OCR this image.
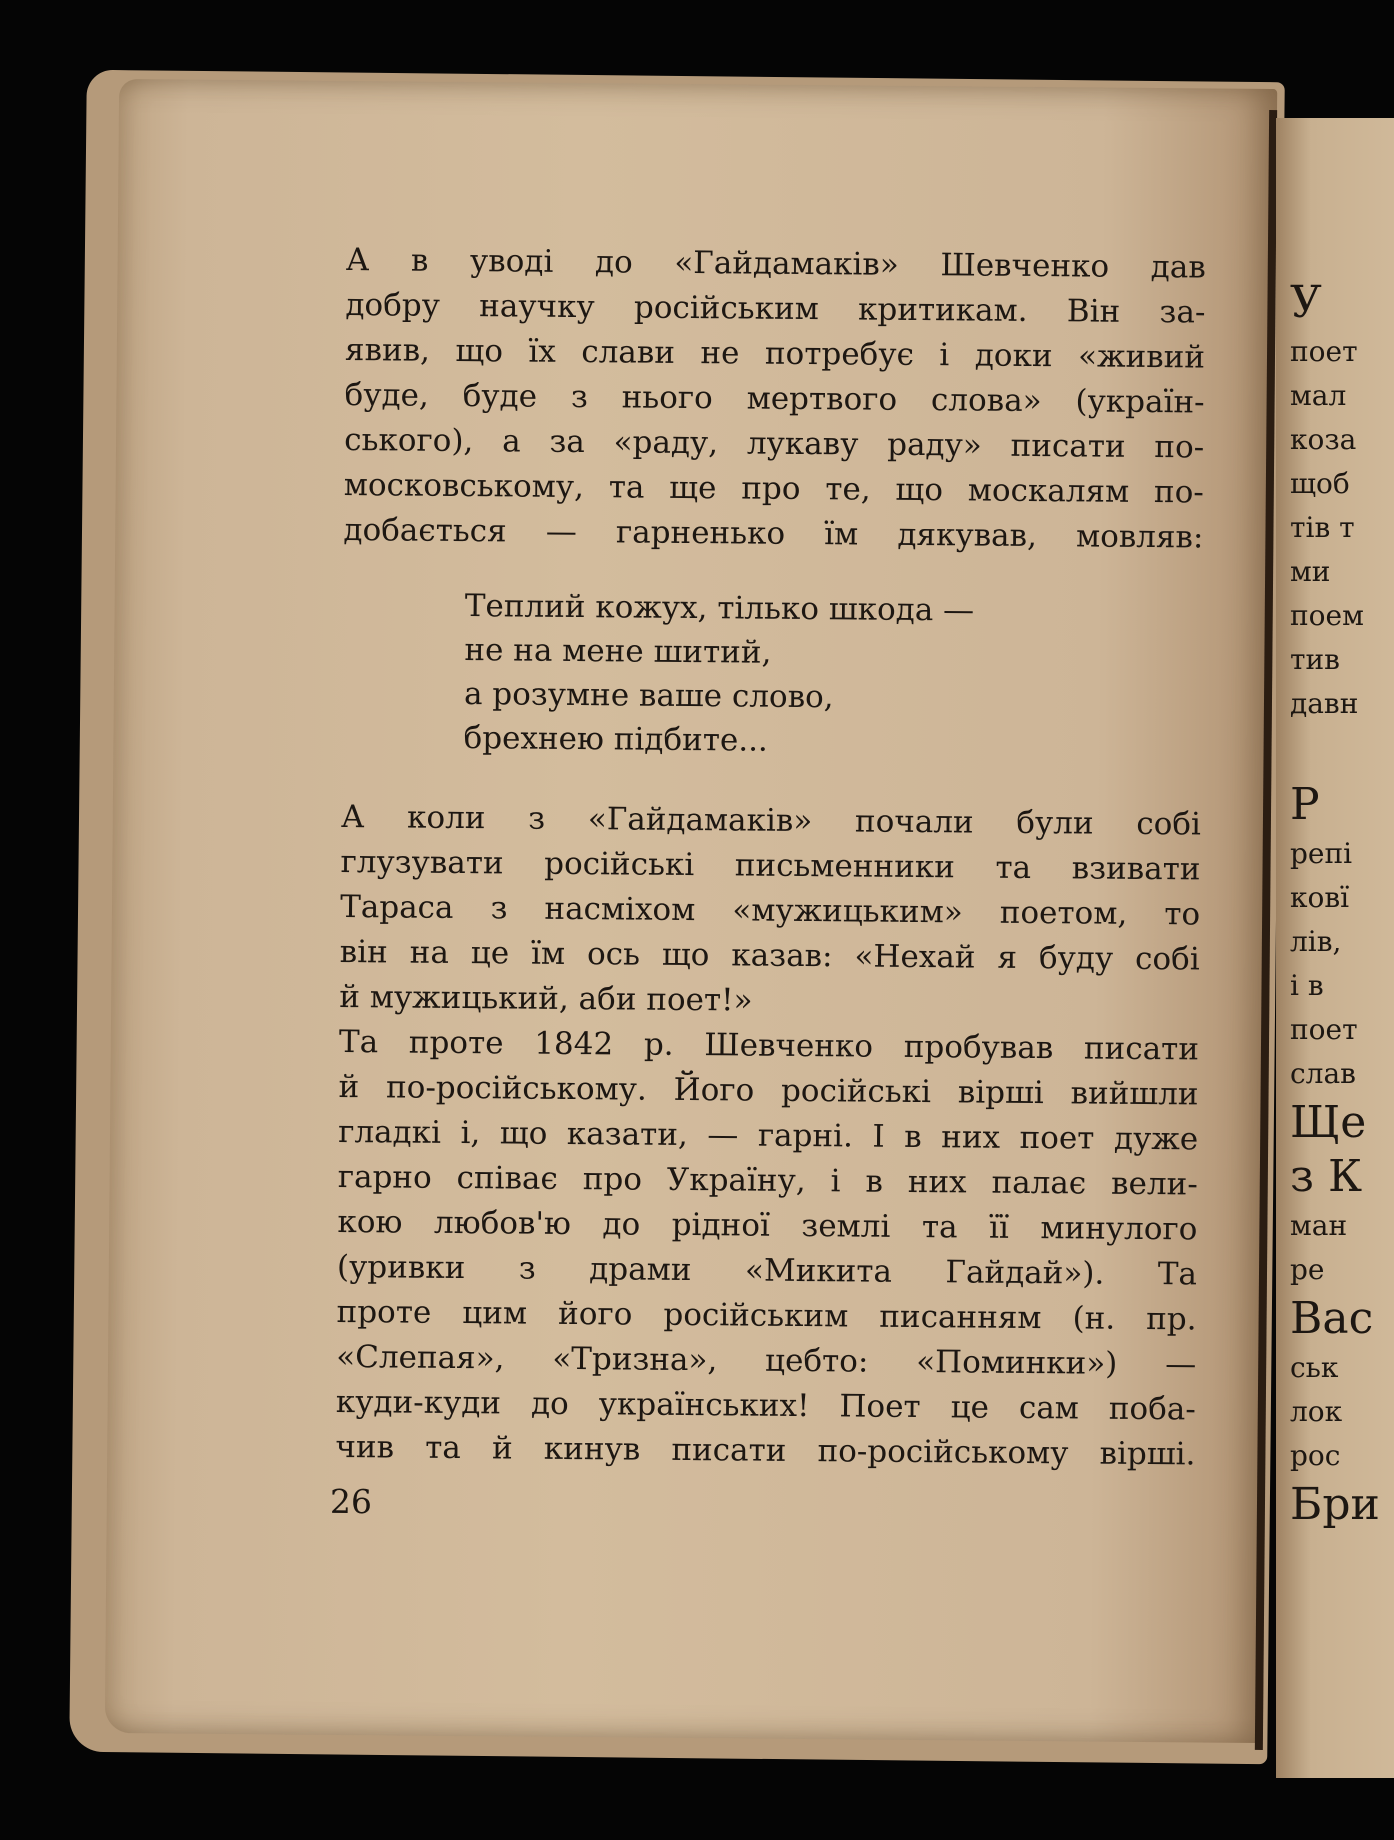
А в уводі до «Гайдамаків» Шевченко дав
добру научку російським критикам. Він за-
явив, що їх слави не потребує і доки «живий
буде, буде з нього мертвого слова» (україн-
ського), а за «раду, лукаву раду» писати по-
московському, та ще про те, що москалям по-
добається — гарненько їм дякував, мовляв:
Теплий кожух, тілько шкода —
не на мене шитий,
а розумне ваше слово,
брехнею підбите...
А коли з «Гайдамаків» почали були собі
глузувати російські письменники та взивати
Тараса з насміхом «мужицьким» поетом, то
він на це їм ось що казав: «Нехай я буду собі
й мужицький, аби поет!»
Та проте 1842 р. Шевченко пробував писати
й по-російському. Його російські вірші вийшли
гладкі і, що казати, — гарні. І в них поет дуже
гарно співає про Україну, і в них палає вели-
кою любов'ю до рідної землі та її минулого
(уривки з драми «Микита Гайдай»). Та
проте цим його російським писанням (н. пр.
«Слепая», «Тризна», цебто: «Поминки») —
куди-куди до українських! Поет це сам поба-
чив та й кинув писати по-російському вірші.
26
У
поет
мал
коза
щоб
тів т
ми
поем
тив
давн
Р
репі
ковї
лів,
і в
поет
слав
Ще
з К
ман
ре
Вас
ськ
лок
рос
Бри
